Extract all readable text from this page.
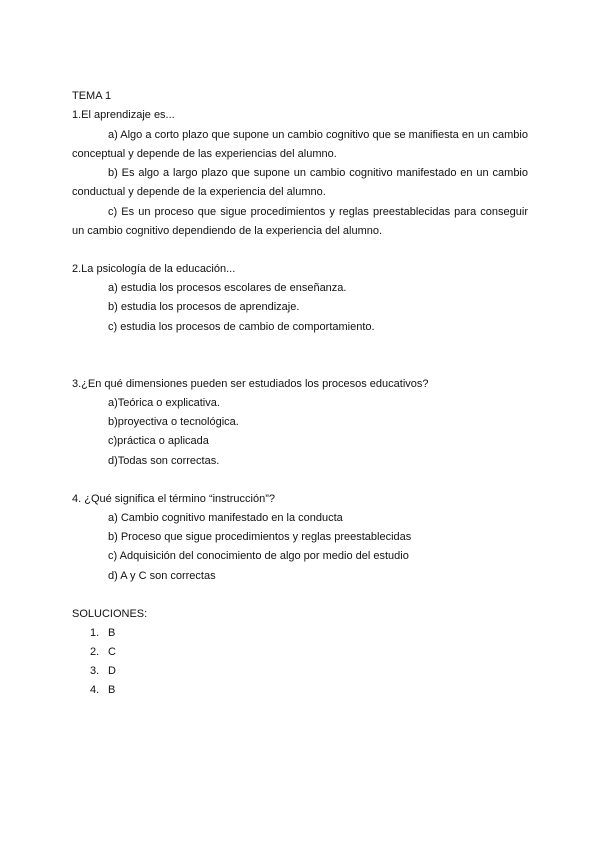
TEMA 1
1.El aprendizaje es...
a) Algo a corto plazo que supone un cambio cognitivo que se manifiesta en un cambio conceptual y depende de las experiencias del alumno.
b) Es algo a largo plazo que supone un cambio cognitivo manifestado en un cambio conductual y depende de la experiencia del alumno.
c) Es un proceso que sigue procedimientos y reglas preestablecidas para conseguir un cambio cognitivo dependiendo de la experiencia del alumno.
2.La psicología de la educación...
a) estudia los procesos escolares de enseñanza.
b) estudia los procesos de aprendizaje.
c) estudia los procesos de cambio de comportamiento.
3.¿En qué dimensiones pueden ser estudiados los procesos educativos?
a)Teórica o explicativa.
b)proyectiva o tecnológica.
c)práctica o aplicada
d)Todas son correctas.
4. ¿Qué significa el término “instrucción”?
a) Cambio cognitivo manifestado en la conducta
b) Proceso que sigue procedimientos y reglas preestablecidas
c) Adquisición del conocimiento de algo por medio del estudio
d) A y C son correctas
SOLUCIONES:
1. B
2. C
3. D
4. B
